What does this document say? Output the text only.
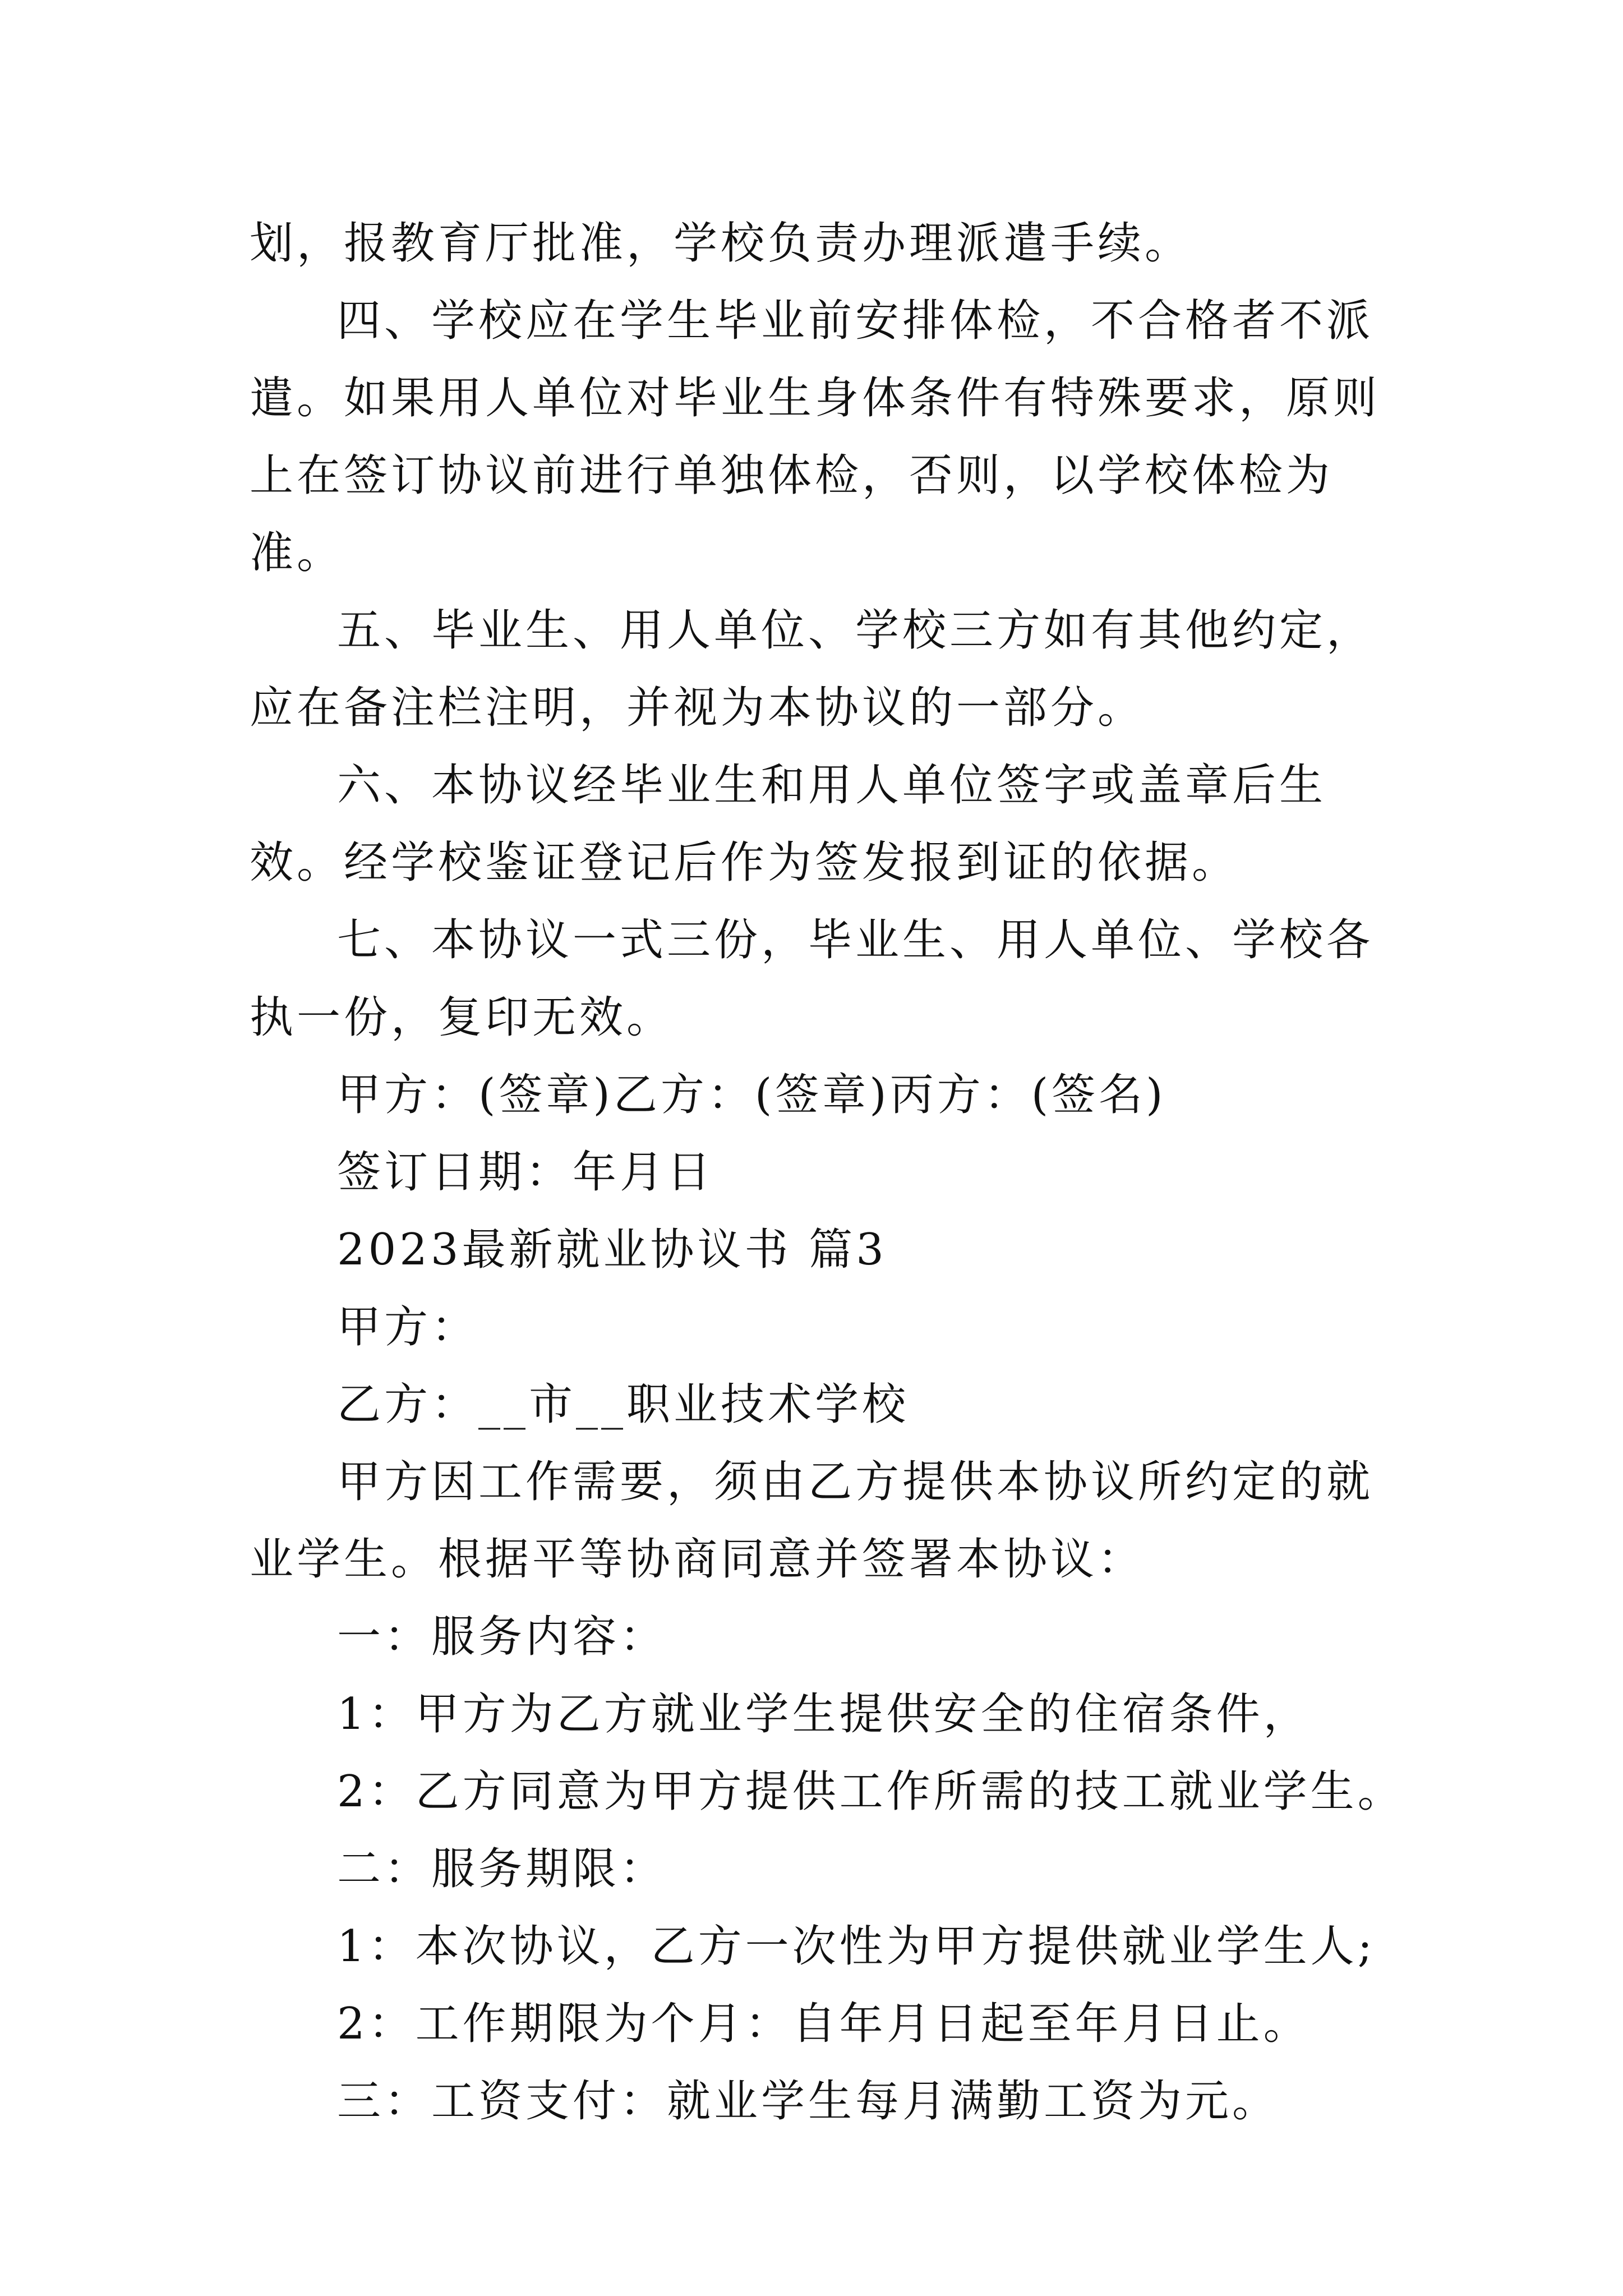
划，报教育厅批准，学校负责办理派遣手续。

四、学校应在学生毕业前安排体检，不合格者不派遣。如果用人单位对毕业生身体条件有特殊要求，原则上在签订协议前进行单独体检，否则，以学校体检为准。

五、毕业生、用人单位、学校三方如有其他约定，应在备注栏注明，并视为本协议的一部分。

六、本协议经毕业生和用人单位签字或盖章后生效。经学校鉴证登记后作为签发报到证的依据。

七、本协议一式三份，毕业生、用人单位、学校各执一份，复印无效。

甲方：(签章)乙方：(签章)丙方：(签名)

签订日期：年月日

2023最新就业协议书 篇3

甲方：

乙方：__市__职业技术学校

甲方因工作需要，须由乙方提供本协议所约定的就业学生。根据平等协商同意并签署本协议：

一：服务内容：

1：甲方为乙方就业学生提供安全的住宿条件，

2：乙方同意为甲方提供工作所需的技工就业学生。

二：服务期限：

1：本次协议，乙方一次性为甲方提供就业学生人;

2：工作期限为个月：自年月日起至年月日止。

三：工资支付：就业学生每月满勤工资为元。
